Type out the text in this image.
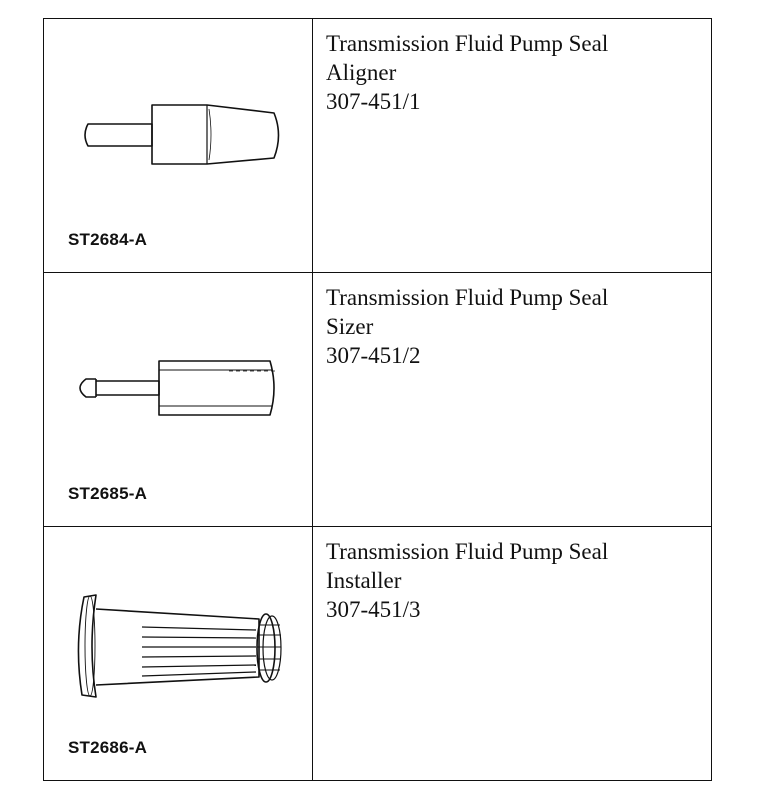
ST2684-A	Transmission Fluid Pump Seal
Aligner
307-451/1

ST2685-A	Transmission Fluid Pump Seal
Sizer
307-451/2

ST2686-A	Transmission Fluid Pump Seal
Installer
307-451/3
